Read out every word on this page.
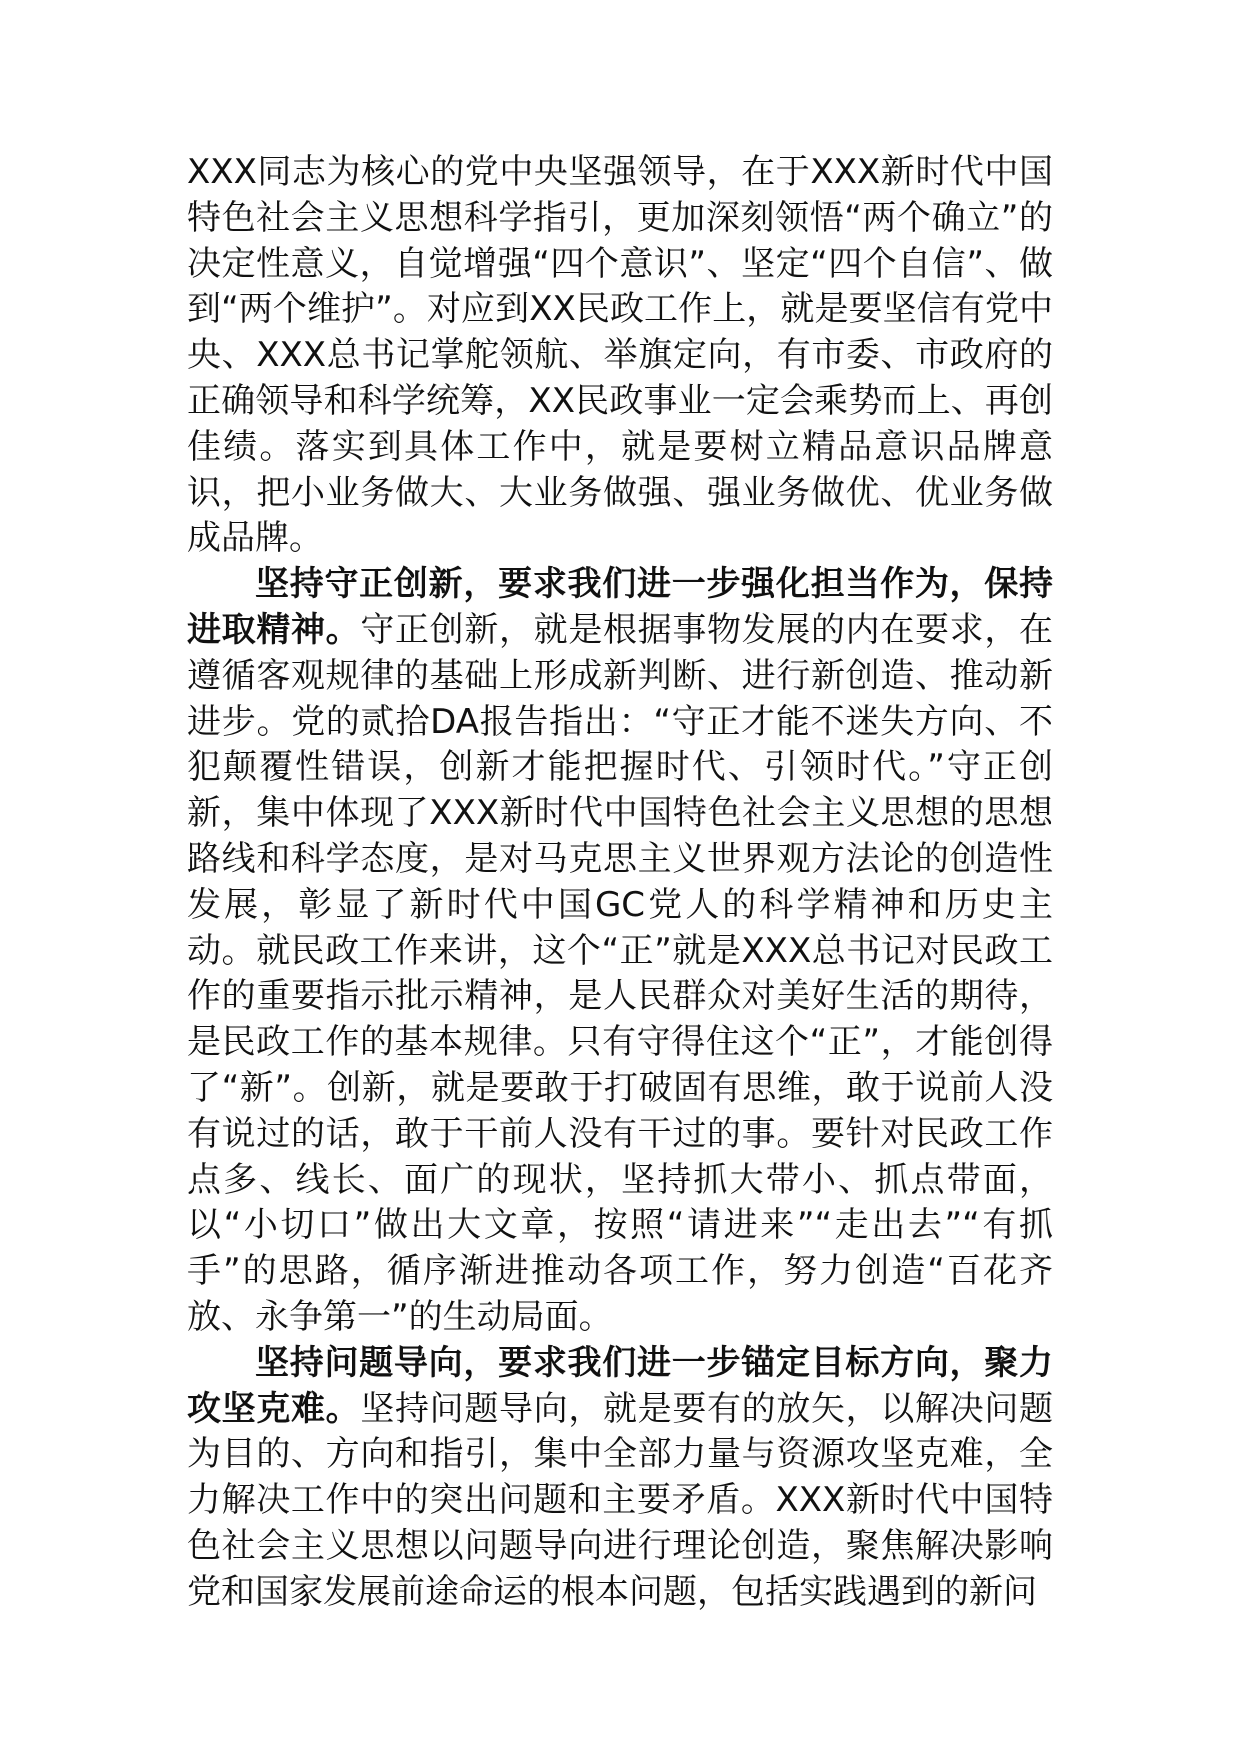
XXX同志为核心的党中央坚强领导，在于XXX新时代中国特色社会主义思想科学指引，更加深刻领悟“两个确立”的决定性意义，自觉增强“四个意识”、坚定“四个自信”、做到“两个维护”。对应到XX民政工作上，就是要坚信有党中央、XXX总书记掌舵领航、举旗定向，有市委、市政府的正确领导和科学统筹，XX民政事业一定会乘势而上、再创佳绩。落实到具体工作中，就是要树立精品意识品牌意识，把小业务做大、大业务做强、强业务做优、优业务做成品牌。

坚持守正创新，要求我们进一步强化担当作为，保持进取精神。守正创新，就是根据事物发展的内在要求，在遵循客观规律的基础上形成新判断、进行新创造、推动新进步。党的贰拾DA报告指出：“守正才能不迷失方向、不犯颠覆性错误，创新才能把握时代、引领时代。”守正创新，集中体现了XXX新时代中国特色社会主义思想的思想路线和科学态度，是对马克思主义世界观方法论的创造性发展，彰显了新时代中国GC党人的科学精神和历史主动。就民政工作来讲，这个“正”就是XXX总书记对民政工作的重要指示批示精神，是人民群众对美好生活的期待，是民政工作的基本规律。只有守得住这个“正”，才能创得了“新”。创新，就是要敢于打破固有思维，敢于说前人没有说过的话，敢于干前人没有干过的事。要针对民政工作点多、线长、面广的现状，坚持抓大带小、抓点带面，以“小切口”做出大文章，按照“请进来”“走出去”“有抓手”的思路，循序渐进推动各项工作，努力创造“百花齐放、永争第一”的生动局面。

坚持问题导向，要求我们进一步锚定目标方向，聚力攻坚克难。坚持问题导向，就是要有的放矢，以解决问题为目的、方向和指引，集中全部力量与资源攻坚克难，全力解决工作中的突出问题和主要矛盾。XXX新时代中国特色社会主义思想以问题导向进行理论创造，聚焦解决影响党和国家发展前途命运的根本问题，包括实践遇到的新问
